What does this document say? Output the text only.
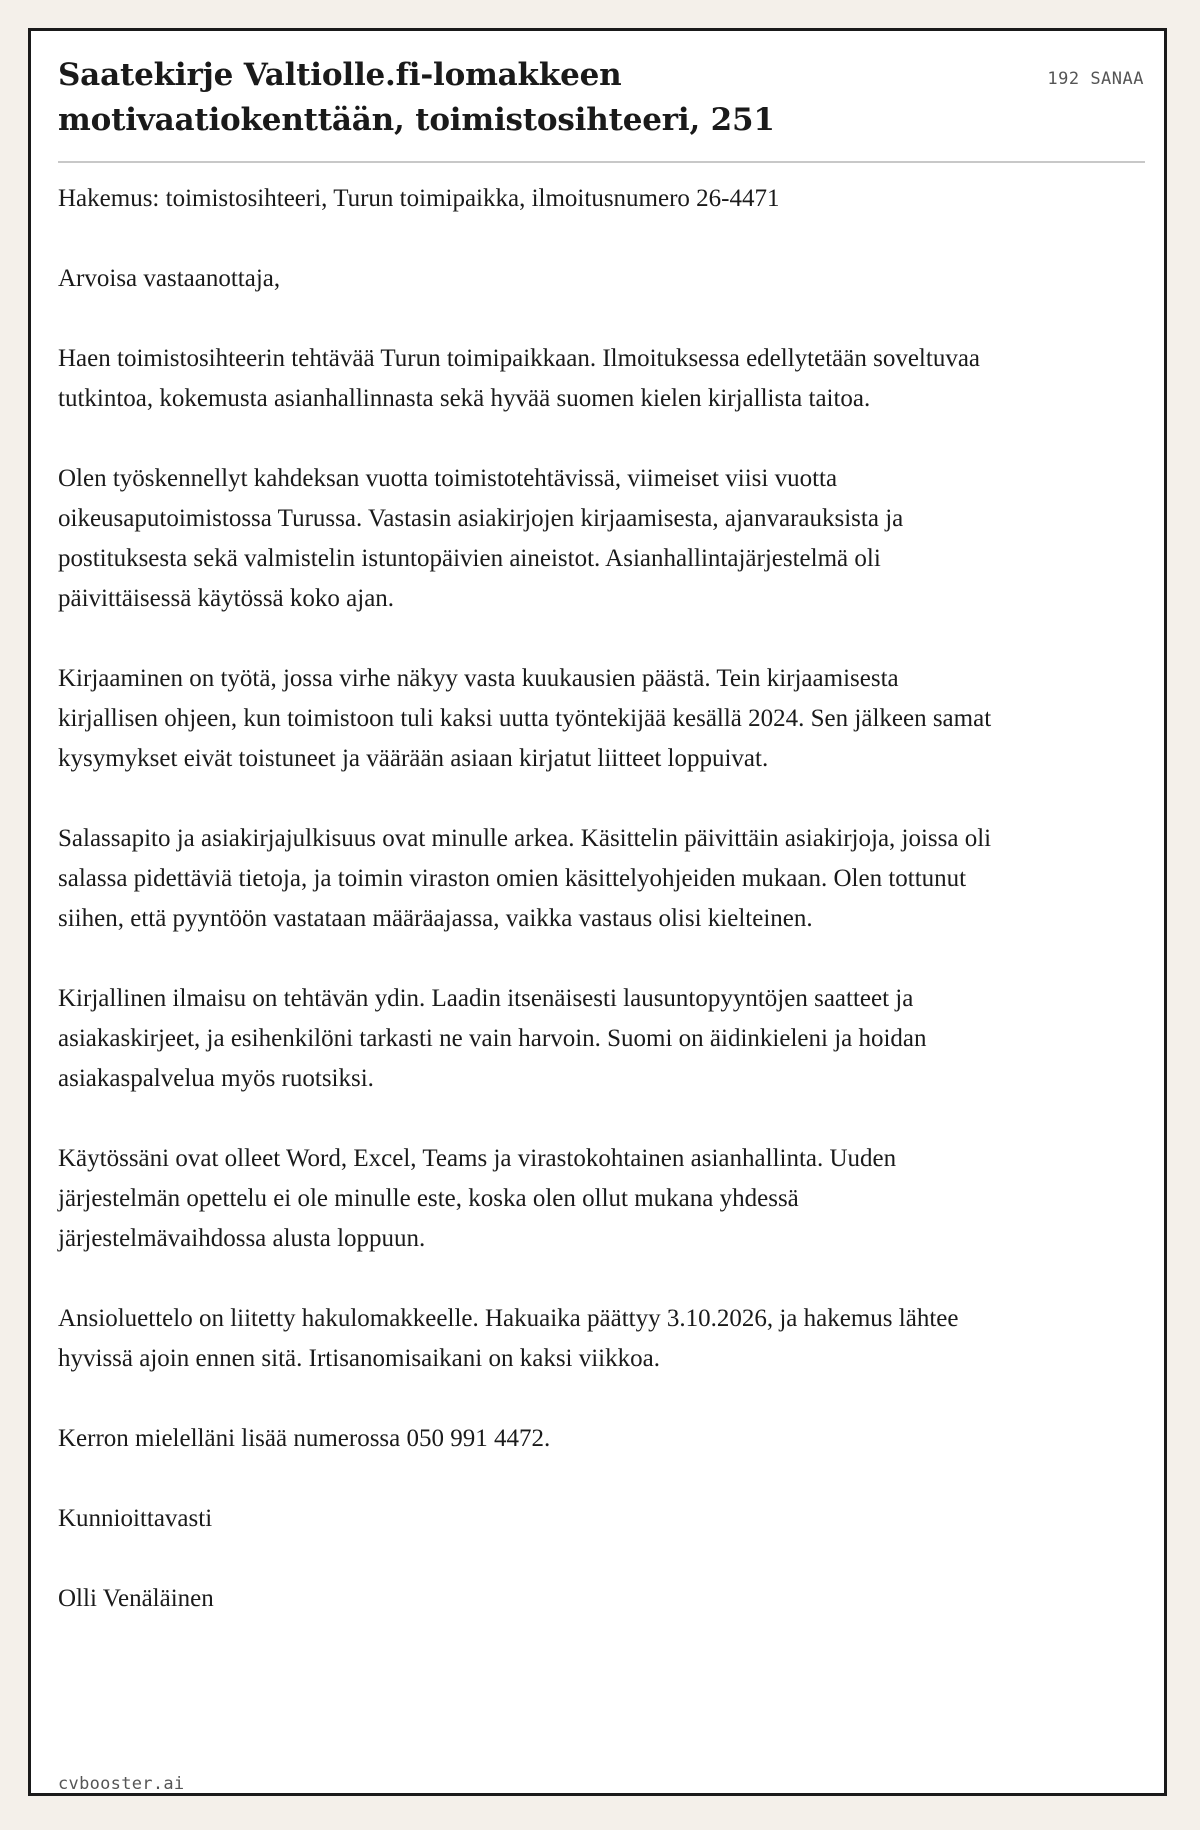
Saatekirje Valtiolle.fi-lomakkeen
motivaatiokenttään, toimistosihteeri, 251
192 SANAA

Hakemus: toimistosihteeri, Turun toimipaikka, ilmoitusnumero 26-4471

Arvoisa vastaanottaja,

Haen toimistosihteerin tehtävää Turun toimipaikkaan. Ilmoituksessa edellytetään soveltuvaa tutkintoa, kokemusta asianhallinnasta sekä hyvää suomen kielen kirjallista taitoa.

Olen työskennellyt kahdeksan vuotta toimistotehtävissä, viimeiset viisi vuotta oikeusaputoimistossa Turussa. Vastasin asiakirjojen kirjaamisesta, ajanvarauksista ja postituksesta sekä valmistelin istuntopäivien aineistot. Asianhallintajärjestelmä oli päivittäisessä käytössä koko ajan.

Kirjaaminen on työtä, jossa virhe näkyy vasta kuukausien päästä. Tein kirjaamisesta kirjallisen ohjeen, kun toimistoon tuli kaksi uutta työntekijää kesällä 2024. Sen jälkeen samat kysymykset eivät toistuneet ja väärään asiaan kirjatut liitteet loppuivat.

Salassapito ja asiakirjajulkisuus ovat minulle arkea. Käsittelin päivittäin asiakirjoja, joissa oli salassa pidettäviä tietoja, ja toimin viraston omien käsittelyohjeiden mukaan. Olen tottunut siihen, että pyyntöön vastataan määräajassa, vaikka vastaus olisi kielteinen.

Kirjallinen ilmaisu on tehtävän ydin. Laadin itsenäisesti lausuntopyyntöjen saatteet ja asiakaskirjeet, ja esihenkilöni tarkasti ne vain harvoin. Suomi on äidinkieleni ja hoidan asiakaspalvelua myös ruotsiksi.

Käytössäni ovat olleet Word, Excel, Teams ja virastokohtainen asianhallinta. Uuden järjestelmän opettelu ei ole minulle este, koska olen ollut mukana yhdessä järjestelmävaihdossa alusta loppuun.

Ansioluettelo on liitetty hakulomakkeelle. Hakuaika päättyy 3.10.2026, ja hakemus lähtee hyvissä ajoin ennen sitä. Irtisanomisaikani on kaksi viikkoa.

Kerron mielelläni lisää numerossa 050 991 4472.

Kunnioittavasti

Olli Venäläinen

cvbooster.ai
